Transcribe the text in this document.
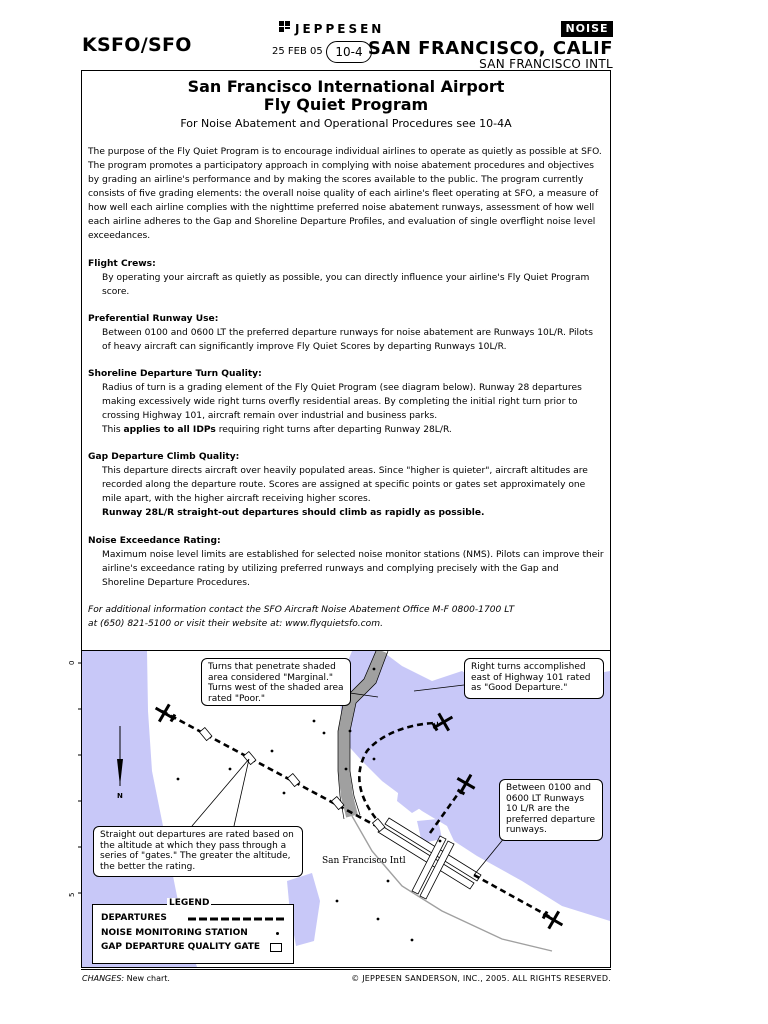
KSFO/SFO
JEPPESEN
25 FEB 05	10-4
NOISE
SAN FRANCISCO, CALIF
SAN FRANCISCO INTL
San Francisco International Airport
Fly Quiet Program
For Noise Abatement and Operational Procedures see 10-4A
The purpose of the Fly Quiet Program is to encourage individual airlines to operate as quietly as possible at SFO. The program promotes a participatory approach in complying with noise abatement procedures and objectives by grading an airline's performance and by making the scores available to the public. The program currently consists of five grading elements: the overall noise quality of each airline's fleet operating at SFO, a measure of how well each airline complies with the nighttime preferred noise abatement runways, assessment of how well each airline adheres to the Gap and Shoreline Departure Profiles, and evaluation of single overflight noise level exceedances.
Flight Crews:
By operating your aircraft as quietly as possible, you can directly influence your airline's Fly Quiet Program score.
Preferential Runway Use:
Between 0100 and 0600 LT the preferred departure runways for noise abatement are Runways 10L/R. Pilots of heavy aircraft can significantly improve Fly Quiet Scores by departing Runways 10L/R.
Shoreline Departure Turn Quality:
Radius of turn is a grading element of the Fly Quiet Program (see diagram below). Runway 28 departures making excessively wide right turns overfly residential areas. By completing the initial right turn prior to crossing Highway 101, aircraft remain over industrial and business parks.
This applies to all IDPs requiring right turns after departing Runway 28L/R.
Gap Departure Climb Quality:
This departure directs aircraft over heavily populated areas. Since "higher is quieter", aircraft altitudes are recorded along the departure route. Scores are assigned at specific points or gates set approximately one mile apart, with the higher aircraft receiving higher scores.
Runway 28L/R straight-out departures should climb as rapidly as possible.
Noise Exceedance Rating:
Maximum noise level limits are established for selected noise monitor stations (NMS). Pilots can improve their airline's exceedance rating by utilizing preferred runways and complying precisely with the Gap and Shoreline Departure Procedures.
For additional information contact the SFO Aircraft Noise Abatement Office M-F 0800-1700 LT
at (650) 821-5100 or visit their website at: www.flyquietsfo.com.
0
5
N
San Francisco Intl
Turns that penetrate shaded area considered "Marginal." Turns west of the shaded area rated "Poor."
Right turns accomplished east of Highway 101 rated as "Good Departure."
Between 0100 and 0600 LT Runways 10 L/R are the preferred departure runways.
Straight out departures are rated based on the altitude at which they pass through a series of "gates." The greater the altitude, the better the rating.
LEGEND
DEPARTURES
NOISE MONITORING STATION
GAP DEPARTURE QUALITY GATE
CHANGES: New chart.	© JEPPESEN SANDERSON, INC., 2005. ALL RIGHTS RESERVED.
